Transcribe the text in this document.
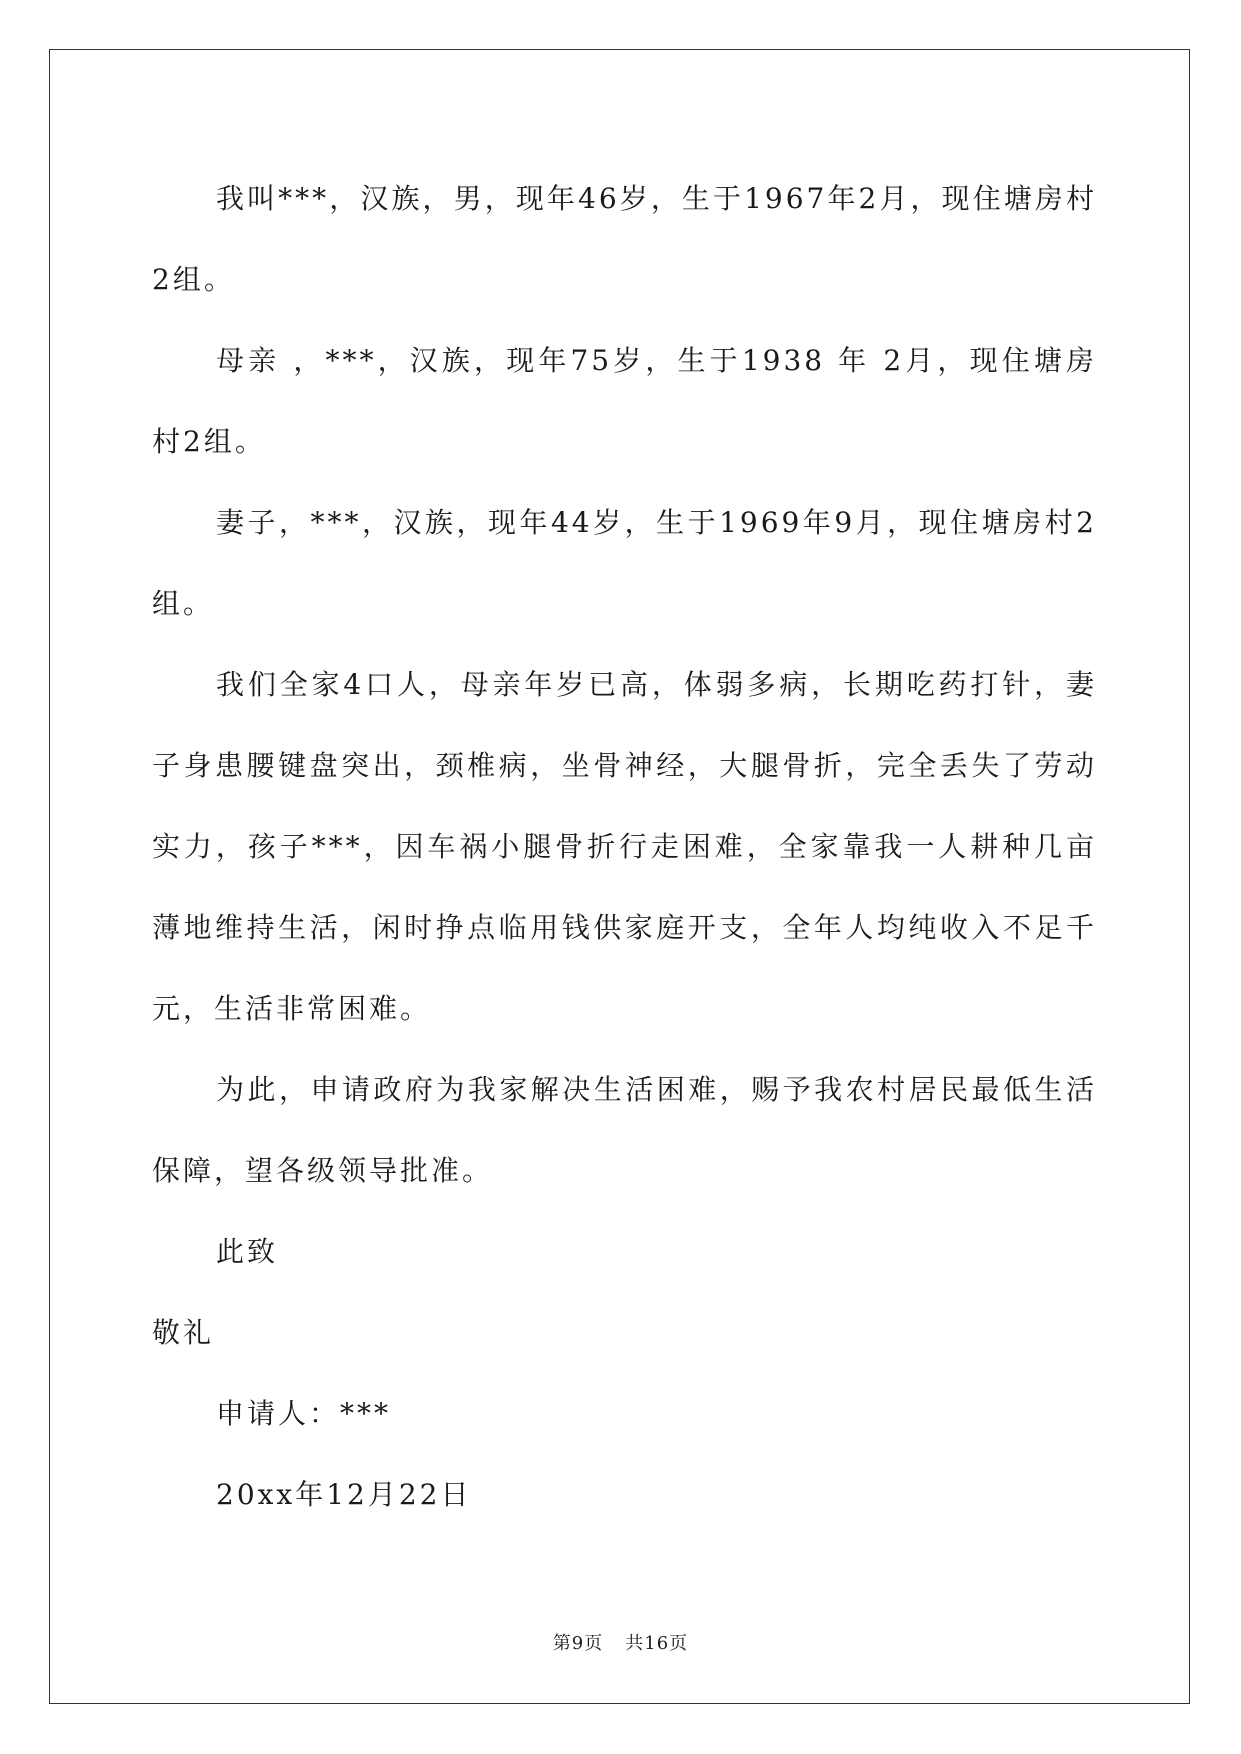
我叫***，汉族，男，现年46岁，生于1967年2月，现住塘房村2组。

母亲 ，***，汉族，现年75岁，生于1938 年 2月，现住塘房村2组。

妻子，***，汉族，现年44岁，生于1969年9月，现住塘房村2组。

我们全家4口人，母亲年岁已高，体弱多病，长期吃药打针，妻子身患腰键盘突出，颈椎病，坐骨神经，大腿骨折，完全丢失了劳动实力，孩子***，因车祸小腿骨折行走困难，全家靠我一人耕种几亩薄地维持生活，闲时挣点临用钱供家庭开支，全年人均纯收入不足千元，生活非常困难。

为此，申请政府为我家解决生活困难，赐予我农村居民最低生活保障，望各级领导批准。

此致

敬礼

申请人：***

20xx年12月22日

第9页 共16页
